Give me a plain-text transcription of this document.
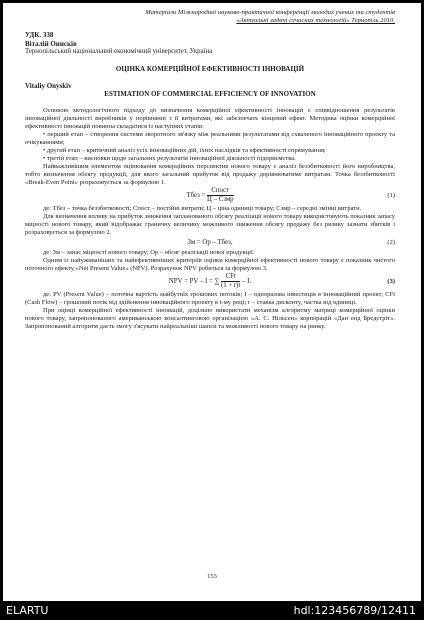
Матеріали Міжнародної науково-практичної конференції молодих учених та студентів
«Актуальні задачі сучасних технологій» Тернопіль 2010.
УДК. 338
Віталій Онисків
Тернопільський національний економічний університет, Україна
ОЦІНКА КОМЕРЦІЙНОЇ ЕФЕКТИВНОСТІ ІННОВАЦІЙ
Vitaliy Onyskiv
ESTIMATION OF COMMERCIAL EFFICIENCY OF INNOVATION

Основою методологічного підходу до визначення комерційної ефективності інновацій є співвідношення результатів інноваційної діяльності виробників у порівнянні з її витратами, які забезпечать кінцевий ефект. Методика оцінки комерційної ефективності інновацій повинна складатися із наступних етапів:

• перший етап – створення системи зворотного зв'язку між реальними результатами від схваленого інноваційного проекту та очікуваннями;

• другий етап – критичний аналіз усіх інноваційних дій, їхніх наслідків та ефективності спрямування;

• третій етап – висновки щодо загальних результатів інноваційної діяльності підприємства.

Найважливішим елементом оцінювання комерційних перспектив нового товару є аналіз беззбитковості його виробництва, тобто визначення обсягу продукції, для якого загальний прибуток від продажу дорівнюватиме витратам. Точка беззбитковості «Break-Even Point» розраховується за формулою 1.

Tбез = $\frac{\text{Спост}}{\text{Ц – Сзмр}}$	(1)

де: Тбез – точка беззбитковості; Спост – постійні витрати; Ц – ціна одиниці товару; Сзмр – середні змінні витрати.

Для визначення впливу на прибуток зниження запланованого обсягу реалізації нового товару використовують показник запасу міцності нового товару, який відображає граничну величину можливого зниження обсягу продажу без ризику зазнати збитків і розраховується за формулою 2.

Зм = Ор – Тбез,	(2)

де: Зм – запас міцності нового товару; Ор – обсяг реалізації нової продукції.

Одним із найуживаніших та найефективніших критеріїв оцінки комерційної ефективності нового товару є показник чистого поточного ефекту «Net Present Value» (NPV). Розрахунок NPV робиться за формулою 3.

NPV = PV – I = ∑ $\frac{\text{CFt}}{(1 + r)t}$ – I.	(3)

де: PV (Present Value) – поточна вартість майбутніх грошових потоків; I – одноразова інвестиція в інноваційний проект; CFt (Cash Flow) – грошовий потік від здійснення інноваційного проекту в t-му році; r – ставка дисконту, частка від одиниці.

При оцінці комерційної ефективності інновацій, доцільно використати механізм алгоритму матриці комерційної оцінки нового товару, запропонованого американською консалтинговою організацією «А. С. Нільсен» корпорацій «Дан енд Бредстріт». Запропонований алгоритм дасть змогу з'ясувати найреальніші шанси та можливості нового товару на ринку.

153
ELARTU	hdl:123456789/12411
